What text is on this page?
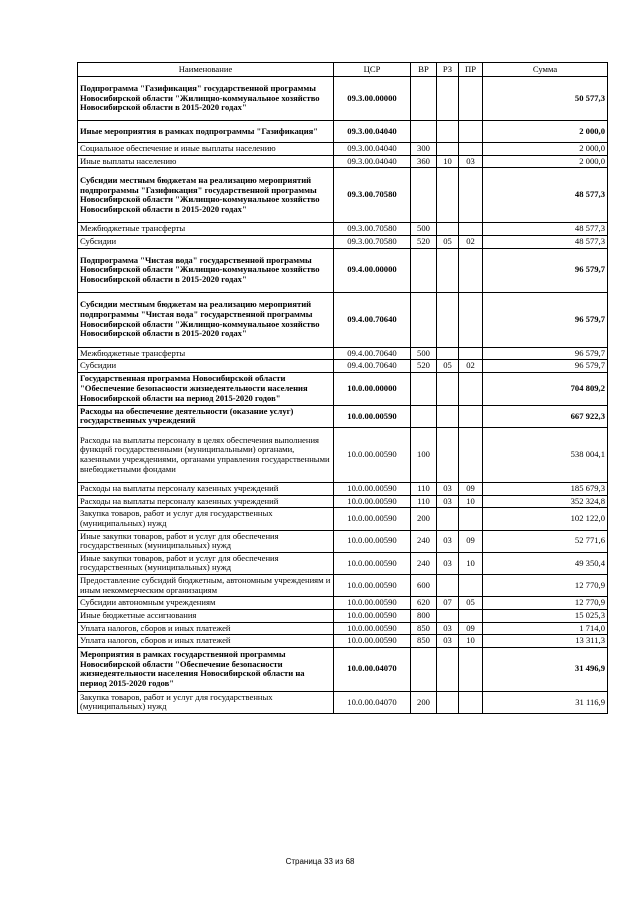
Наименование	ЦСР	ВР	РЗ	ПР	Сумма
Подпрограмма "Газификация" государственной программы Новосибирской области "Жилищно-коммунальное хозяйство Новосибирской области в 2015-2020 годах"	09.3.00.00000				50 577,3
Иные мероприятия в рамках подпрограммы "Газификация"	09.3.00.04040				2 000,0
Социальное обеспечение и иные выплаты населению	09.3.00.04040	300			2 000,0
Иные выплаты населению	09.3.00.04040	360	10	03	2 000,0
Субсидии местным бюджетам на реализацию мероприятий подпрограммы "Газификация" государственной программы Новосибирской области "Жилищно-коммунальное хозяйство Новосибирской области в 2015-2020 годах"	09.3.00.70580				48 577,3
Межбюджетные трансферты	09.3.00.70580	500			48 577,3
Субсидии	09.3.00.70580	520	05	02	48 577,3
Подпрограмма "Чистая вода" государственной программы Новосибирской области "Жилищно-коммунальное хозяйство Новосибирской области в 2015-2020 годах"	09.4.00.00000				96 579,7
Субсидии местным бюджетам на реализацию мероприятий подпрограммы "Чистая вода" государственной программы Новосибирской области "Жилищно-коммунальное хозяйство Новосибирской области в 2015-2020 годах"	09.4.00.70640				96 579,7
Межбюджетные трансферты	09.4.00.70640	500			96 579,7
Субсидии	09.4.00.70640	520	05	02	96 579,7
Государственная программа Новосибирской области "Обеспечение безопасности жизнедеятельности населения Новосибирской области на период 2015-2020 годов"	10.0.00.00000				704 809,2
Расходы на обеспечение деятельности (оказание услуг) государственных учреждений	10.0.00.00590				667 922,3
Расходы на выплаты персоналу в целях обеспечения выполнения функций государственными (муниципальными) органами, казенными учреждениями, органами управления государственными внебюджетными фондами	10.0.00.00590	100			538 004,1
Расходы на выплаты персоналу казенных учреждений	10.0.00.00590	110	03	09	185 679,3
Расходы на выплаты персоналу казенных учреждений	10.0.00.00590	110	03	10	352 324,8
Закупка товаров, работ и услуг для государственных (муниципальных) нужд	10.0.00.00590	200			102 122,0
Иные закупки товаров, работ и услуг для обеспечения государственных (муниципальных) нужд	10.0.00.00590	240	03	09	52 771,6
Иные закупки товаров, работ и услуг для обеспечения государственных (муниципальных) нужд	10.0.00.00590	240	03	10	49 350,4
Предоставление субсидий бюджетным, автономным учреждениям и иным некоммерческим организациям	10.0.00.00590	600			12 770,9
Субсидии автономным учреждениям	10.0.00.00590	620	07	05	12 770,9
Иные бюджетные ассигнования	10.0.00.00590	800			15 025,3
Уплата налогов, сборов и иных платежей	10.0.00.00590	850	03	09	1 714,0
Уплата налогов, сборов и иных платежей	10.0.00.00590	850	03	10	13 311,3
Мероприятия в рамках государственной программы Новосибирской области "Обеспечение безопасности жизнедеятельности населения Новосибирской области на период 2015-2020 годов"	10.0.00.04070				31 496,9
Закупка товаров, работ и услуг для государственных (муниципальных) нужд	10.0.00.04070	200			31 116,9
Страница 33 из 68
